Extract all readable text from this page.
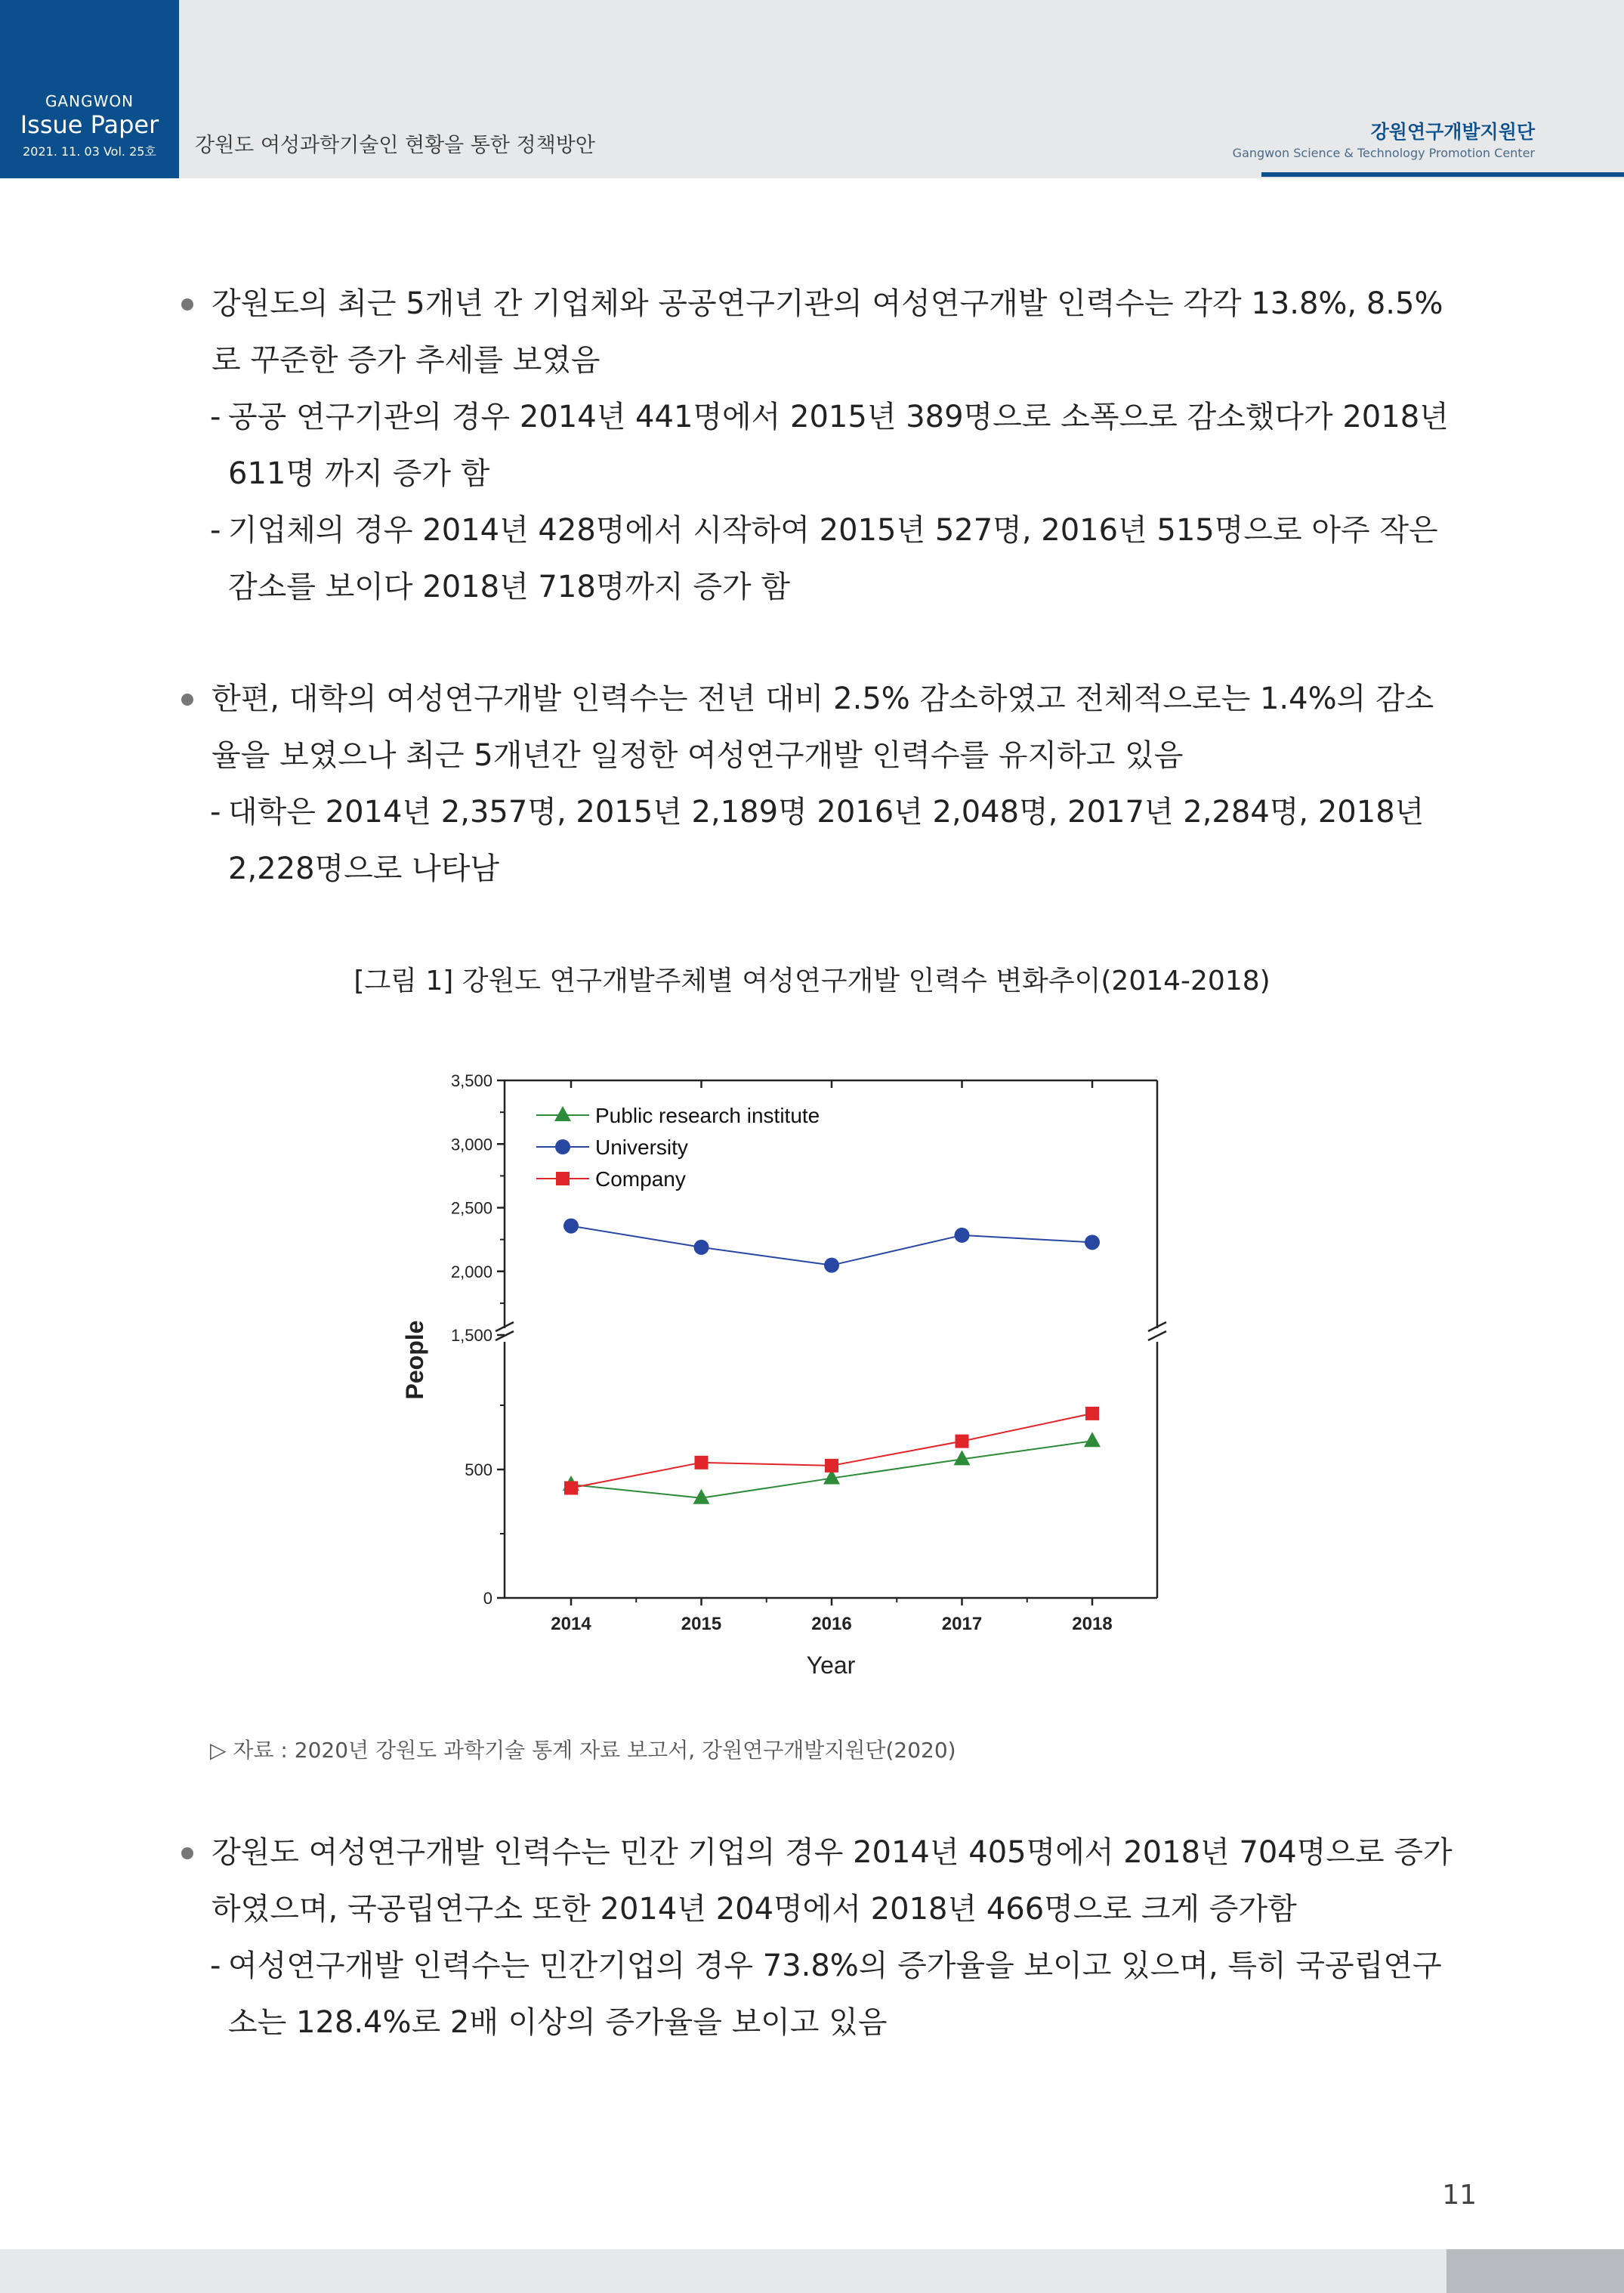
GANGWON
Issue Paper
2021. 11. 03 Vol. 25호	강원도 여성과학기술인 현황을 통한 정책방안
강원연구개발지원단
Gangwon Science & Technology Promotion Center
강원도의 최근 5개년 간 기업체와 공공연구기관의 여성연구개발 인력수는 각각 13.8%, 8.5%로 꾸준한 증가 추세를 보였음
- 공공 연구기관의 경우 2014년 441명에서 2015년 389명으로 소폭으로 감소했다가 2018년 611명 까지 증가 함
- 기업체의 경우 2014년 428명에서 시작하여 2015년 527명, 2016년 515명으로 아주 작은 감소를 보이다 2018년 718명까지 증가 함
한편, 대학의 여성연구개발 인력수는 전년 대비 2.5% 감소하였고 전체적으로는 1.4%의 감소율을 보였으나 최근 5개년간 일정한 여성연구개발 인력수를 유지하고 있음
- 대학은 2014년 2,357명, 2015년 2,189명 2016년 2,048명, 2017년 2,284명, 2018년 2,228명으로 나타남
[그림 1] 강원도 연구개발주체별 여성연구개발 인력수 변화추이(2014-2018)
0
500
1,500
2,000
2,500
3,000
3,500
2014	2015	2016	2017	2018
Year
People
Public research institute
University
Company
▷ 자료 : 2020년 강원도 과학기술 통계 자료 보고서, 강원연구개발지원단(2020)
강원도 여성연구개발 인력수는 민간 기업의 경우 2014년 405명에서 2018년 704명으로 증가하였으며, 국공립연구소 또한 2014년 204명에서 2018년 466명으로 크게 증가함
- 여성연구개발 인력수는 민간기업의 경우 73.8%의 증가율을 보이고 있으며, 특히 국공립연구소는 128.4%로 2배 이상의 증가율을 보이고 있음
11
